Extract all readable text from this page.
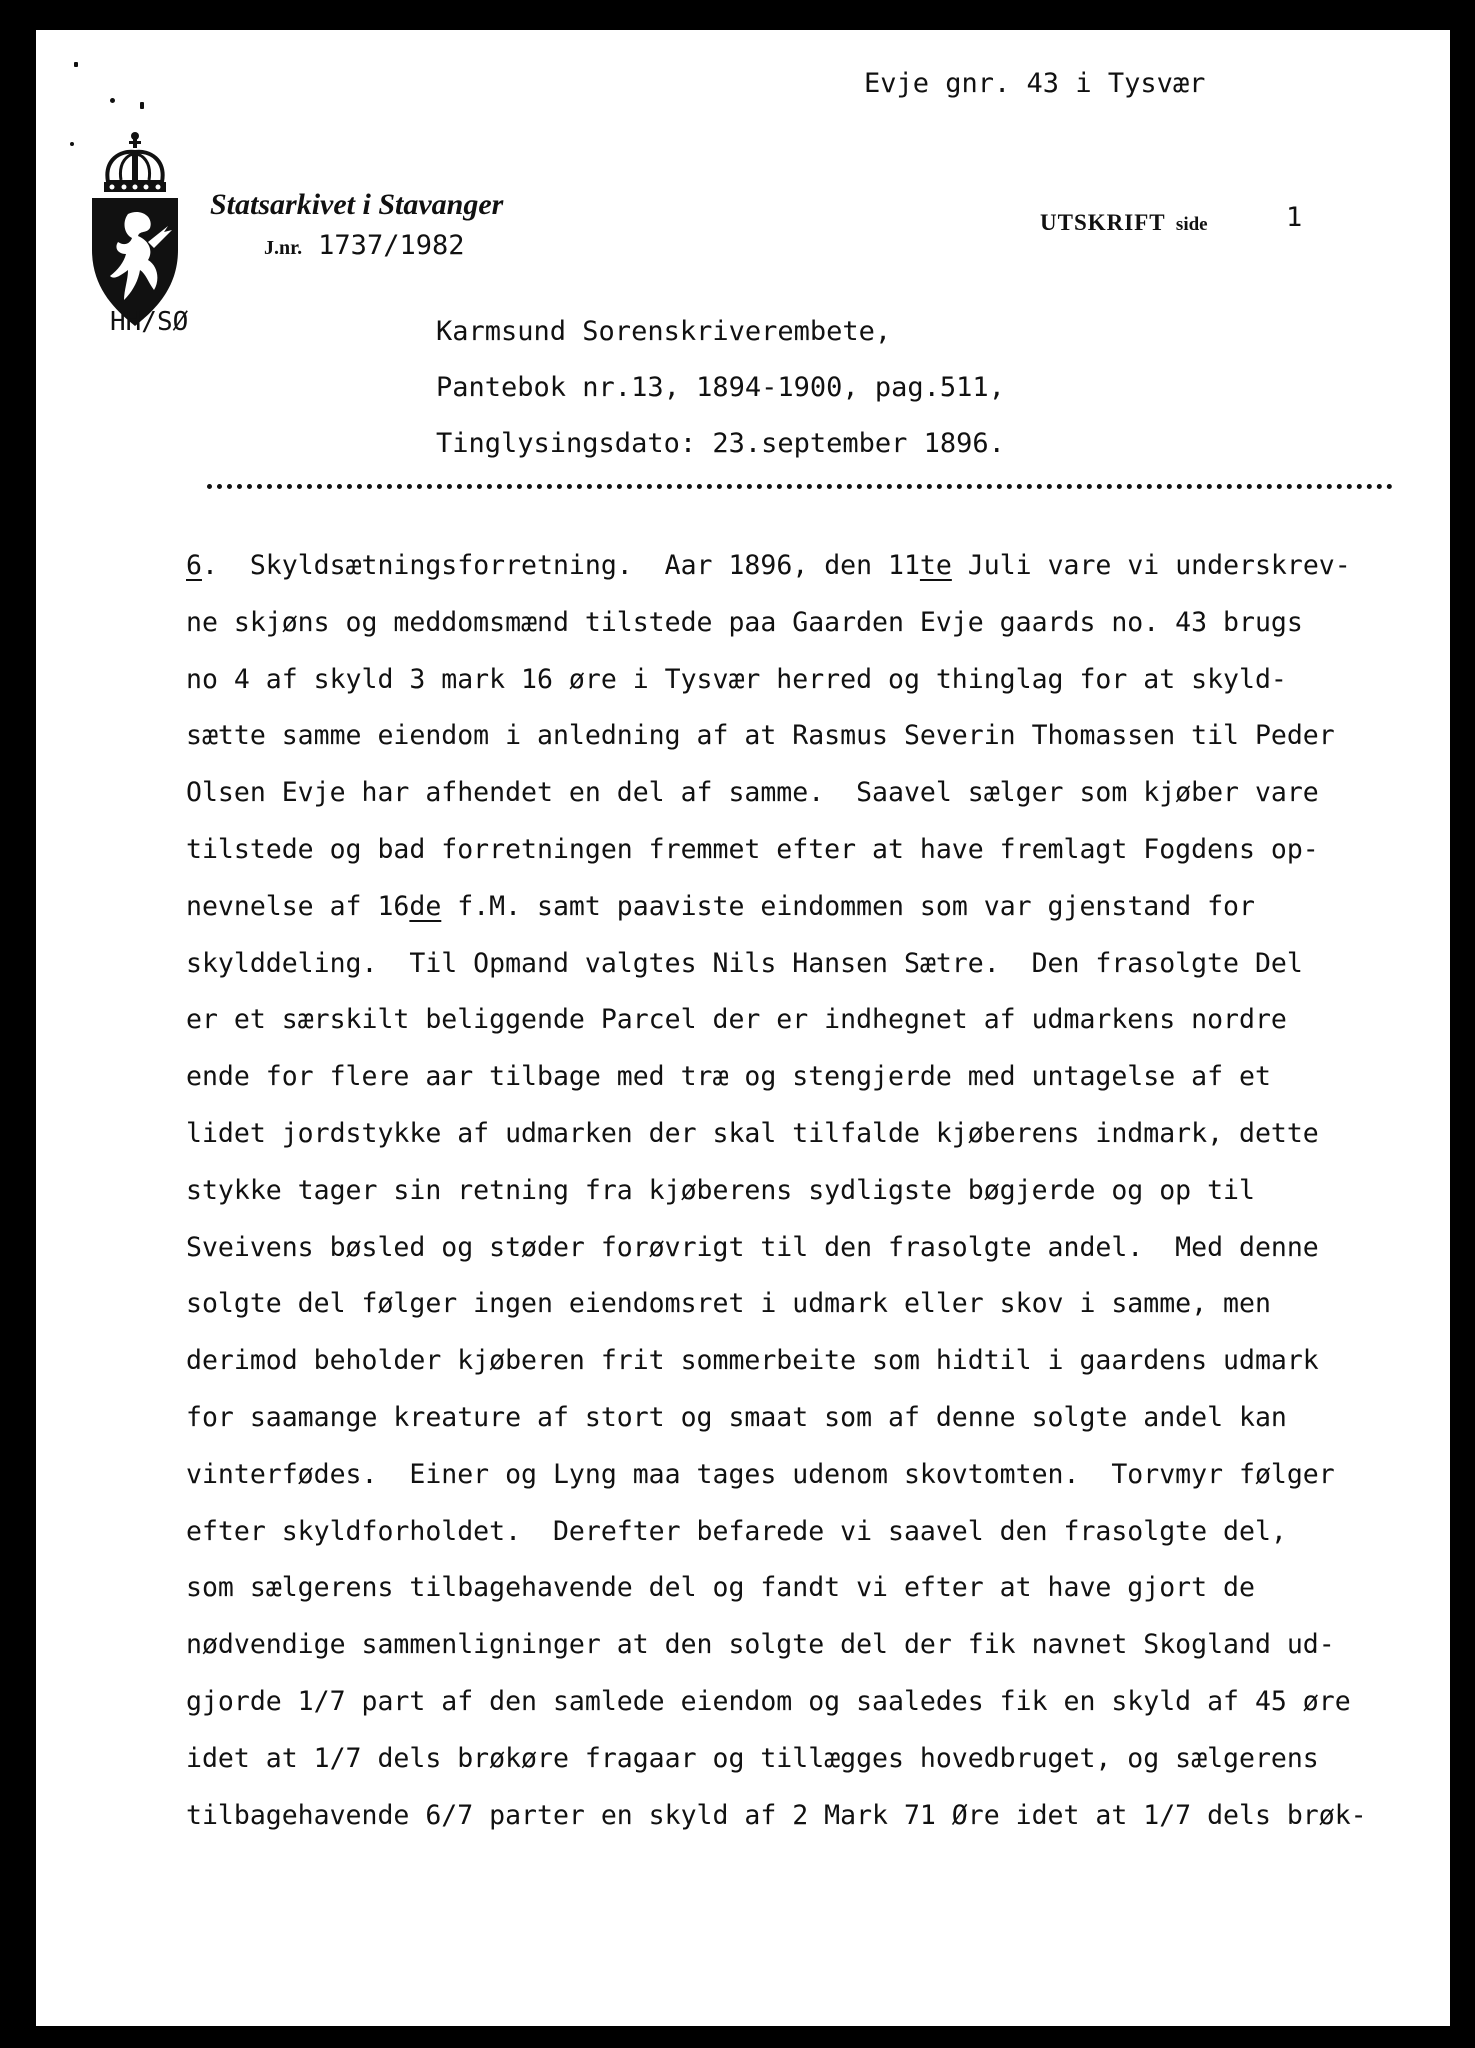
Evje gnr. 43 i Tysvær
Statsarkivet i Stavanger
J.nr. 1737/1982
UTSKRIFT side	1
HH/SØ	Karmsund Sorenskriverembete,
Pantebok nr.13, 1894-1900, pag.511,
Tinglysingsdato: 23.september 1896.
6.  Skyldsætningsforretning.  Aar 1896, den 11te Juli vare vi underskrev-
ne skjøns og meddomsmænd tilstede paa Gaarden Evje gaards no. 43 brugs
no 4 af skyld 3 mark 16 øre i Tysvær herred og thinglag for at skyld-
sætte samme eiendom i anledning af at Rasmus Severin Thomassen til Peder
Olsen Evje har afhendet en del af samme.  Saavel sælger som kjøber vare
tilstede og bad forretningen fremmet efter at have fremlagt Fogdens op-
nevnelse af 16de f.M. samt paaviste eindommen som var gjenstand for
skylddeling.  Til Opmand valgtes Nils Hansen Sætre.  Den frasolgte Del
er et særskilt beliggende Parcel der er indhegnet af udmarkens nordre
ende for flere aar tilbage med træ og stengjerde med untagelse af et
lidet jordstykke af udmarken der skal tilfalde kjøberens indmark, dette
stykke tager sin retning fra kjøberens sydligste bøgjerde og op til
Sveivens bøsled og støder forøvrigt til den frasolgte andel.  Med denne
solgte del følger ingen eiendomsret i udmark eller skov i samme, men
derimod beholder kjøberen frit sommerbeite som hidtil i gaardens udmark
for saamange kreature af stort og smaat som af denne solgte andel kan
vinterfødes.  Einer og Lyng maa tages udenom skovtomten.  Torvmyr følger
efter skyldforholdet.  Derefter befarede vi saavel den frasolgte del,
som sælgerens tilbagehavende del og fandt vi efter at have gjort de
nødvendige sammenligninger at den solgte del der fik navnet Skogland ud-
gjorde 1/7 part af den samlede eiendom og saaledes fik en skyld af 45 øre
idet at 1/7 dels brøkøre fragaar og tillægges hovedbruget, og sælgerens
tilbagehavende 6/7 parter en skyld af 2 Mark 71 Øre idet at 1/7 dels brøk-
